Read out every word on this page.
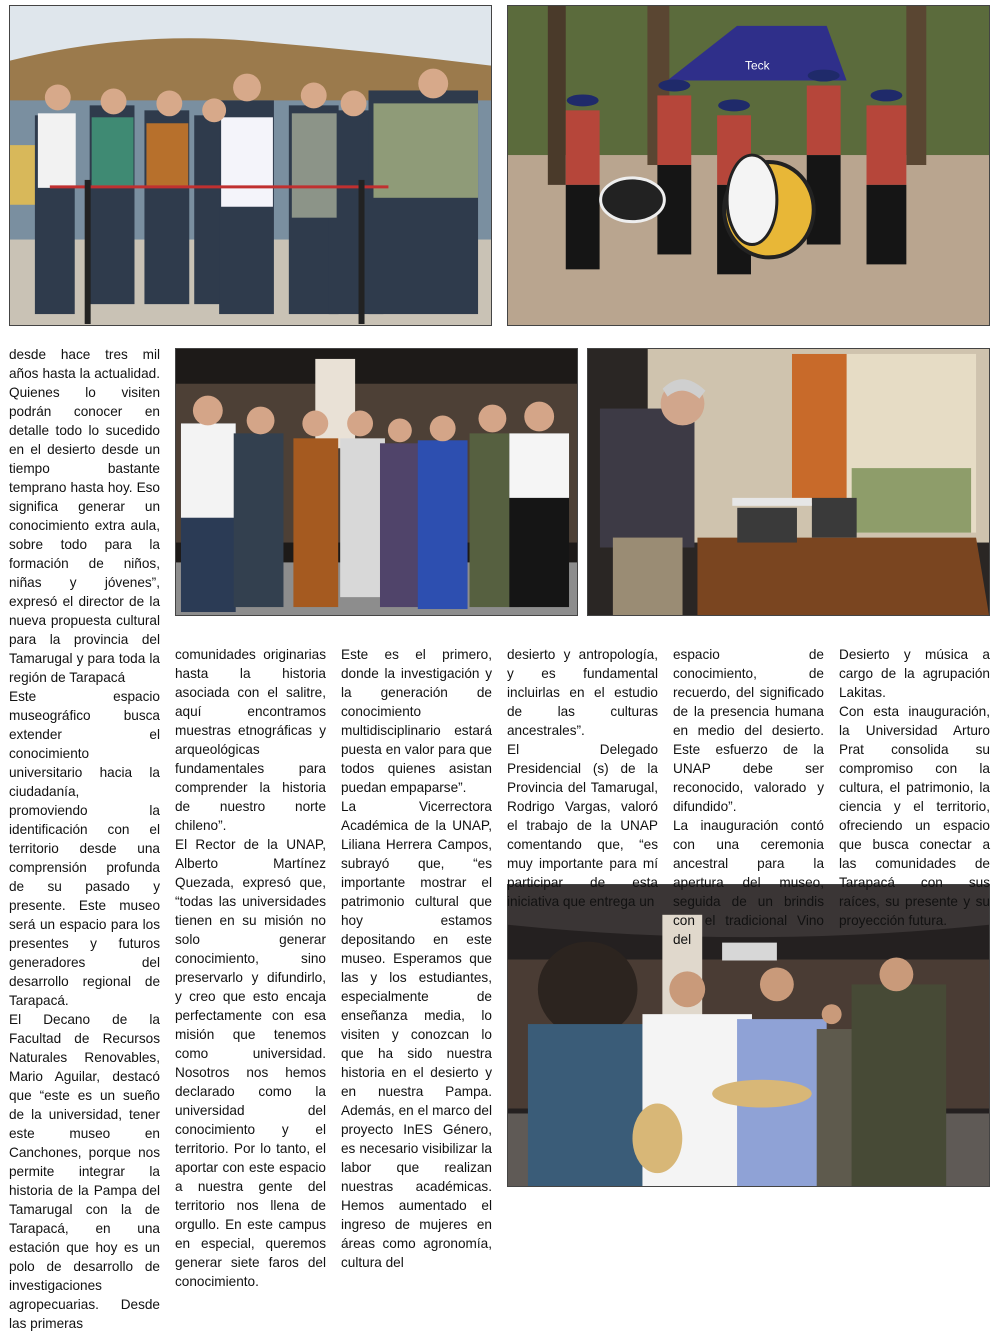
Teck

desde hace tres mil años hasta la actualidad. Quienes lo visiten podrán conocer en detalle todo lo sucedido en el desierto desde un tiempo bastante temprano hasta hoy. Eso significa generar un conocimiento extra aula, sobre todo para la formación de niños, niñas y jóvenes”, expresó el director de la nueva propuesta cultural para la provincia del Tamarugal y para toda la región de Tarapacá

Este espacio museográfico busca extender el conocimiento universitario hacia la ciudadanía, promoviendo la identificación con el territorio desde una comprensión profunda de su pasado y presente. Este museo será un espacio para los presentes y futuros generadores del desarrollo regional de Tarapacá.

El Decano de la Facultad de Recursos Naturales Renovables, Mario Aguilar, destacó que “este es un sueño de la universidad, tener este museo en Canchones, porque nos permite integrar la historia de la Pampa del Tamarugal con la de Tarapacá, en una estación que hoy es un polo de desarrollo de investigaciones agropecuarias. Desde las primeras

comunidades originarias hasta la historia asociada con el salitre, aquí encontramos muestras etnográficas y arqueológicas fundamentales para comprender la historia de nuestro norte chileno”.

El Rector de la UNAP, Alberto Martínez Quezada, expresó que, “todas las universidades tienen en su misión no solo generar conocimiento, sino preservarlo y difundirlo, y creo que esto encaja perfectamente con esa misión que tenemos como universidad. Nosotros nos hemos declarado como la universidad del conocimiento y el territorio. Por lo tanto, el aportar con este espacio a nuestra gente del territorio nos llena de orgullo. En este campus en especial, queremos generar siete faros del conocimiento.

Este es el primero, donde la investigación y la generación de conocimiento multidisciplinario estará puesta en valor para que todos quienes asistan puedan empaparse”.

La Vicerrectora Académica de la UNAP, Liliana Herrera Campos, subrayó que, “es importante mostrar el patrimonio cultural que hoy estamos depositando en este museo. Esperamos que las y los estudiantes, especialmente de enseñanza media, lo visiten y conozcan lo que ha sido nuestra historia en el desierto y en nuestra Pampa. Además, en el marco del proyecto InES Género, es necesario visibilizar la labor que realizan nuestras académicas. Hemos aumentado el ingreso de mujeres en áreas como agronomía, cultura del

desierto y antropología, y es fundamental incluirlas en el estudio de las culturas ancestrales”.

El Delegado Presidencial (s) de la Provincia del Tamarugal, Rodrigo Vargas, valoró el trabajo de la UNAP comentando que, “es muy importante para mí participar de esta iniciativa que entrega un

espacio de conocimiento, de recuerdo, del significado de la presencia humana en medio del desierto. Este esfuerzo de la UNAP debe ser reconocido, valorado y difundido”.

La inauguración contó con una ceremonia ancestral para la apertura del museo, seguida de un brindis con el tradicional Vino del

Desierto y música a cargo de la agrupación Lakitas.

Con esta inauguración, la Universidad Arturo Prat consolida su compromiso con la cultura, el patrimonio, la ciencia y el territorio, ofreciendo un espacio que busca conectar a las comunidades de Tarapacá con sus raíces, su presente y su proyección futura.
